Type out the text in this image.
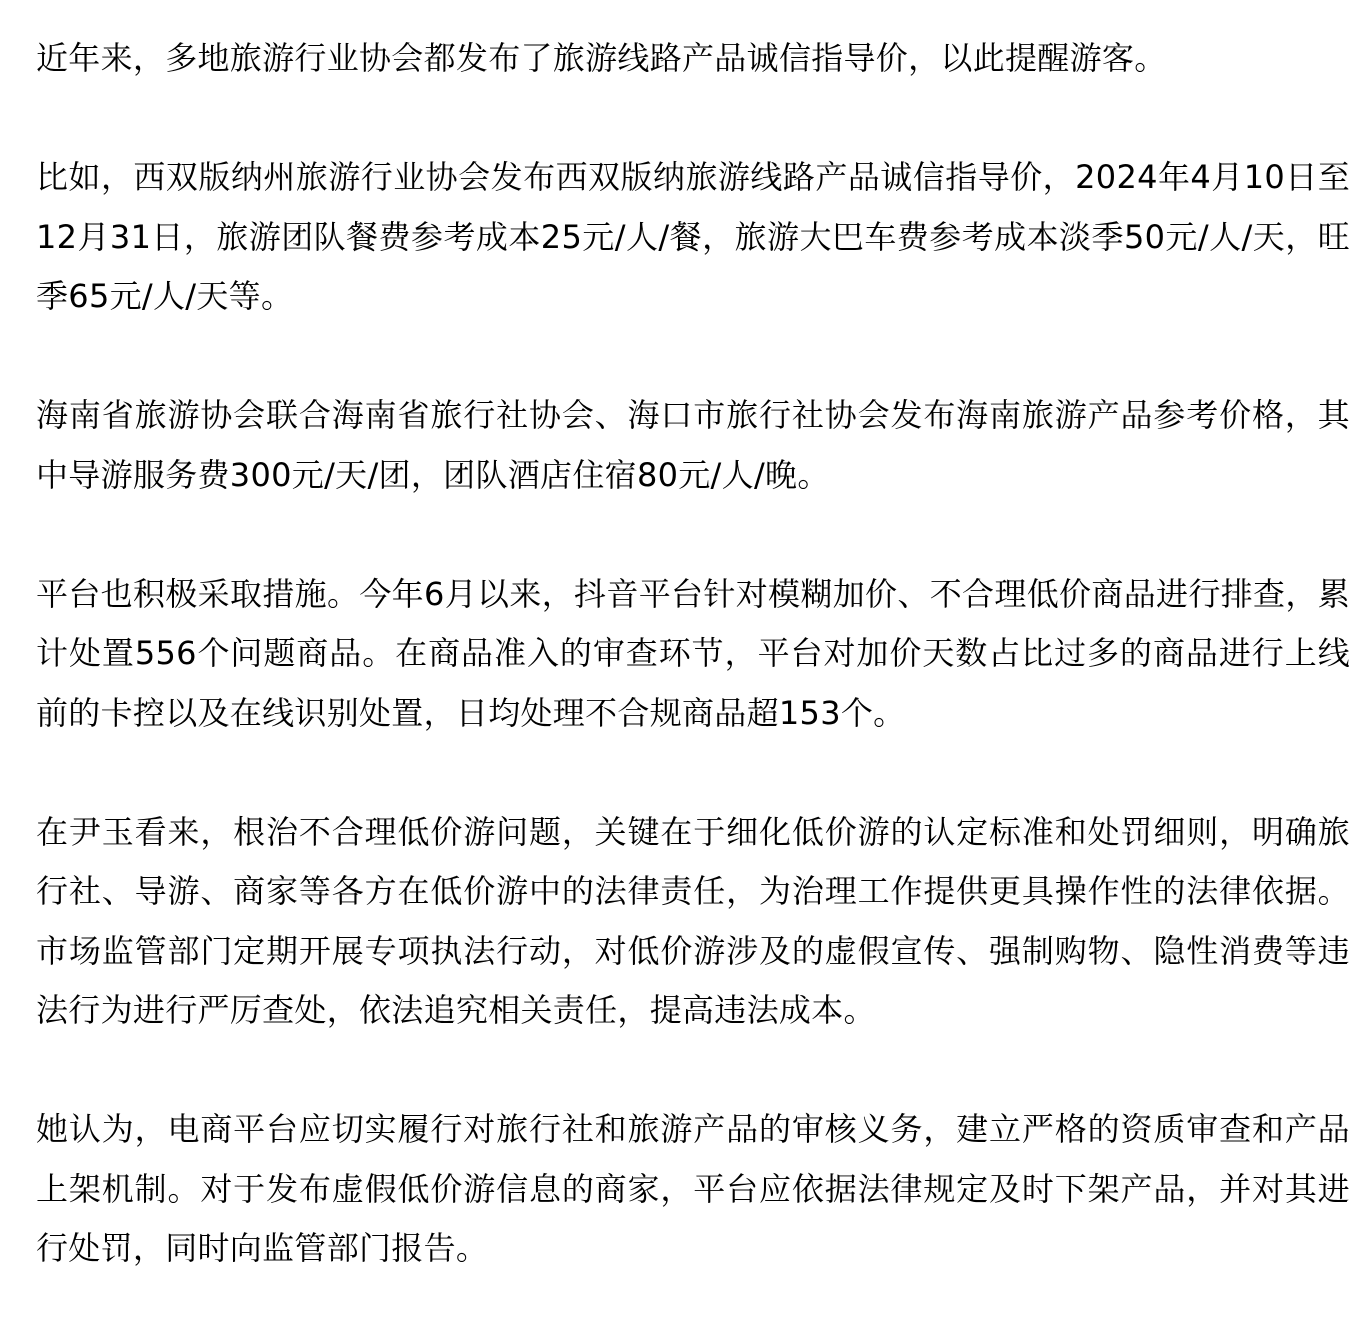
近年来，多地旅游行业协会都发布了旅游线路产品诚信指导价，以此提醒游客。

比如，西双版纳州旅游行业协会发布西双版纳旅游线路产品诚信指导价，2024年4月10日至12月31日，旅游团队餐费参考成本25元/人/餐，旅游大巴车费参考成本淡季50元/人/天，旺季65元/人/天等。

海南省旅游协会联合海南省旅行社协会、海口市旅行社协会发布海南旅游产品参考价格，其中导游服务费300元/天/团，团队酒店住宿80元/人/晚。

平台也积极采取措施。今年6月以来，抖音平台针对模糊加价、不合理低价商品进行排查，累计处置556个问题商品。在商品准入的审查环节，平台对加价天数占比过多的商品进行上线前的卡控以及在线识别处置，日均处理不合规商品超153个。

在尹玉看来，根治不合理低价游问题，关键在于细化低价游的认定标准和处罚细则，明确旅行社、导游、商家等各方在低价游中的法律责任，为治理工作提供更具操作性的法律依据。市场监管部门定期开展专项执法行动，对低价游涉及的虚假宣传、强制购物、隐性消费等违法行为进行严厉查处，依法追究相关责任，提高违法成本。

她认为，电商平台应切实履行对旅行社和旅游产品的审核义务，建立严格的资质审查和产品上架机制。对于发布虚假低价游信息的商家，平台应依据法律规定及时下架产品，并对其进行处罚，同时向监管部门报告。
